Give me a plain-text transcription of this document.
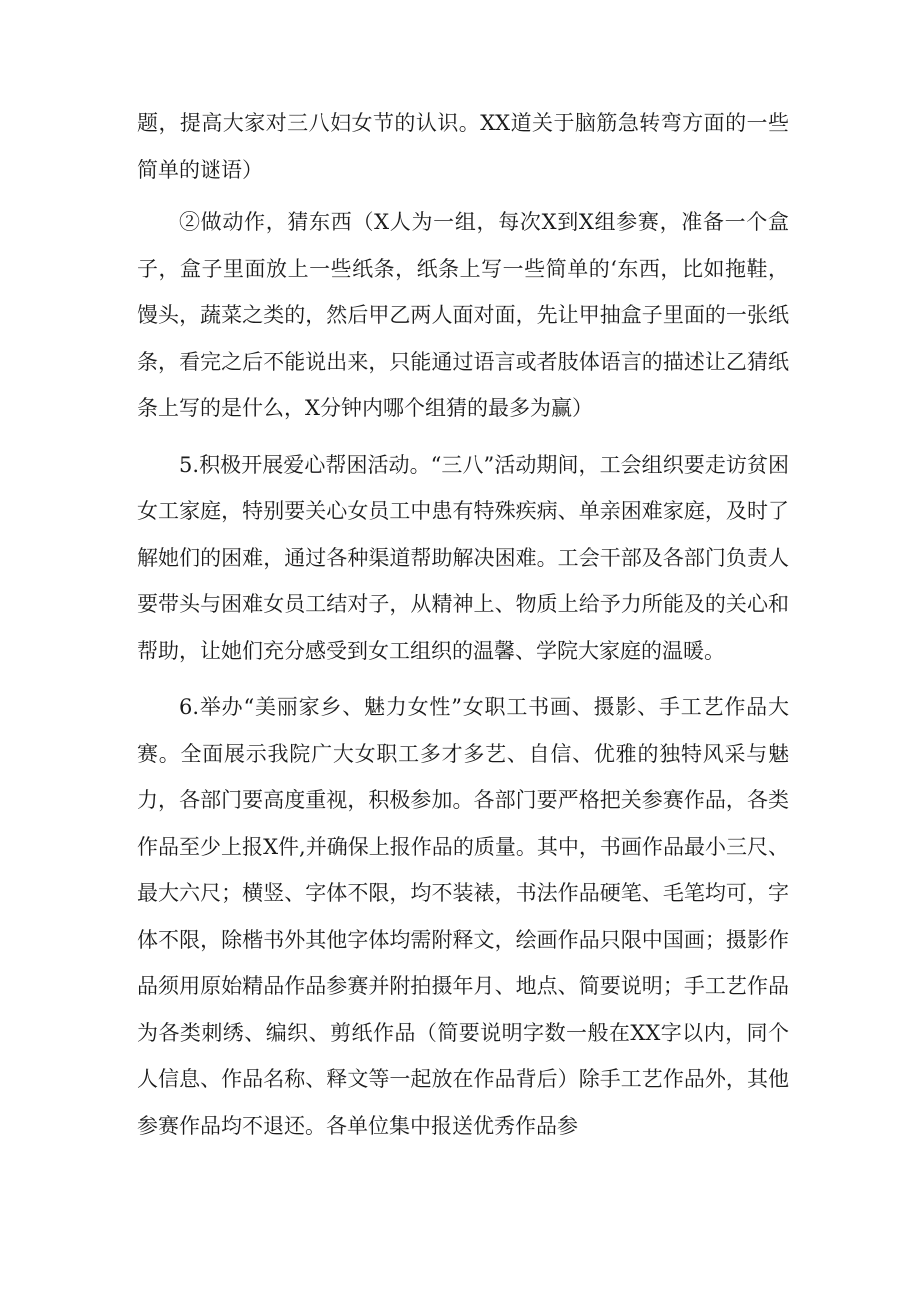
题，提高大家对三八妇女节的认识。XX道关于脑筋急转弯方面的一些简单的谜语）

②做动作，猜东西（X人为一组，每次X到X组参赛，准备一个盒子，盒子里面放上一些纸条，纸条上写一些简单的‘东西，比如拖鞋，馒头，蔬菜之类的，然后甲乙两人面对面，先让甲抽盒子里面的一张纸条，看完之后不能说出来，只能通过语言或者肢体语言的描述让乙猜纸条上写的是什么，X分钟内哪个组猜的最多为赢）

5.积极开展爱心帮困活动。“三八”活动期间，工会组织要走访贫困女工家庭，特别要关心女员工中患有特殊疾病、单亲困难家庭，及时了解她们的困难，通过各种渠道帮助解决困难。工会干部及各部门负责人要带头与困难女员工结对子，从精神上、物质上给予力所能及的关心和帮助，让她们充分感受到女工组织的温馨、学院大家庭的温暖。

6.举办“美丽家乡、魅力女性”女职工书画、摄影、手工艺作品大赛。全面展示我院广大女职工多才多艺、自信、优雅的独特风采与魅力，各部门要高度重视，积极参加。各部门要严格把关参赛作品，各类作品至少上报X件,并确保上报作品的质量。其中，书画作品最小三尺、最大六尺；横竖、字体不限，均不装裱，书法作品硬笔、毛笔均可，字体不限，除楷书外其他字体均需附释文，绘画作品只限中国画；摄影作品须用原始精品作品参赛并附拍摄年月、地点、简要说明；手工艺作品为各类刺绣、编织、剪纸作品（简要说明字数一般在XX字以内，同个人信息、作品名称、释文等一起放在作品背后）除手工艺作品外，其他参赛作品均不退还。各单位集中报送优秀作品参
